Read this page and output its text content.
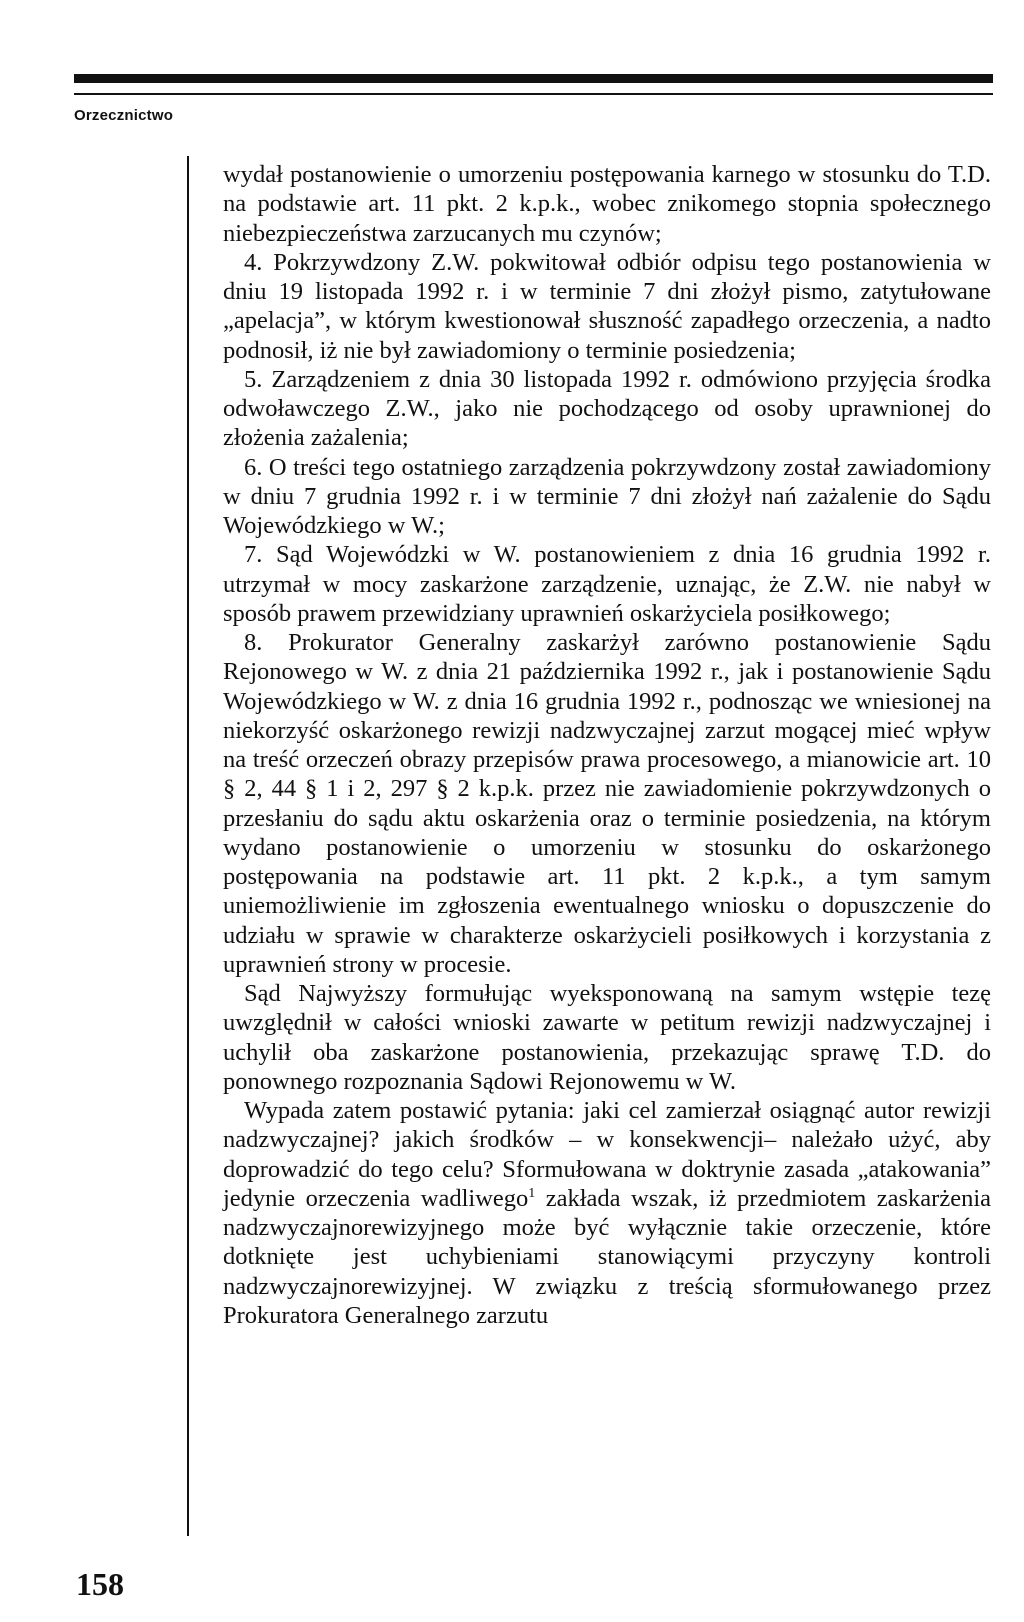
Orzecznictwo

wydał postanowienie o umorzeniu postępowania karnego w stosunku do T.D. na podstawie art. 11 pkt. 2 k.p.k., wobec znikomego stopnia społecznego niebezpieczeństwa zarzucanych mu czynów;

4. Pokrzywdzony Z.W. pokwitował odbiór odpisu tego postanowienia w dniu 19 listopada 1992 r. i w terminie 7 dni złożył pismo, zatytułowane „apelacja”, w którym kwestionował słuszność zapadłego orzeczenia, a nadto podnosił, iż nie był zawiadomiony o terminie posiedzenia;

5. Zarządzeniem z dnia 30 listopada 1992 r. odmówiono przyjęcia środka odwoławczego Z.W., jako nie pochodzącego od osoby uprawnionej do złożenia zażalenia;

6. O treści tego ostatniego zarządzenia pokrzywdzony został zawiadomiony w dniu 7 grudnia 1992 r. i w terminie 7 dni złożył nań zażalenie do Sądu Wojewódzkiego w W.;

7. Sąd Wojewódzki w W. postanowieniem z dnia 16 grudnia 1992 r. utrzymał w mocy zaskarżone zarządzenie, uznając, że Z.W. nie nabył w sposób prawem przewidziany uprawnień oskarżyciela posiłkowego;

8. Prokurator Generalny zaskarżył zarówno postanowienie Sądu Rejonowego w W. z dnia 21 października 1992 r., jak i postanowienie Sądu Wojewódzkiego w W. z dnia 16 grudnia 1992 r., podnosząc we wniesionej na niekorzyść oskarżonego rewizji nadzwyczajnej zarzut mogącej mieć wpływ na treść orzeczeń obrazy przepisów prawa procesowego, a mianowicie art. 10 § 2, 44 § 1 i 2, 297 § 2 k.p.k. przez nie zawiadomienie pokrzywdzonych o przesłaniu do sądu aktu oskarżenia oraz o terminie posiedzenia, na którym wydano postanowienie o umorzeniu w stosunku do oskarżonego postępowania na podstawie art. 11 pkt. 2 k.p.k., a tym samym uniemożliwienie im zgłoszenia ewentualnego wniosku o dopuszczenie do udziału w sprawie w charakterze oskarżycieli posiłkowych i korzystania z uprawnień strony w procesie.

Sąd Najwyższy formułując wyeksponowaną na samym wstępie tezę uwzględnił w całości wnioski zawarte w petitum rewizji nadzwyczajnej i uchylił oba zaskarżone postanowienia, przekazując sprawę T.D. do ponownego rozpoznania Sądowi Rejonowemu w W.

Wypada zatem postawić pytania: jaki cel zamierzał osiągnąć autor rewizji nadzwyczajnej? jakich środków – w konsekwencji– należało użyć, aby doprowadzić do tego celu? Sformułowana w doktrynie zasada „atakowania” jedynie orzeczenia wadliwego$^1$ zakłada wszak, iż przedmiotem zaskarżenia nadzwyczajnorewizyjnego może być wyłącznie takie orzeczenie, które dotknięte jest uchybieniami stanowiącymi przyczyny kontroli nadzwyczajnorewizyjnej. W związku z treścią sformułowanego przez Prokuratora Generalnego zarzutu

158
